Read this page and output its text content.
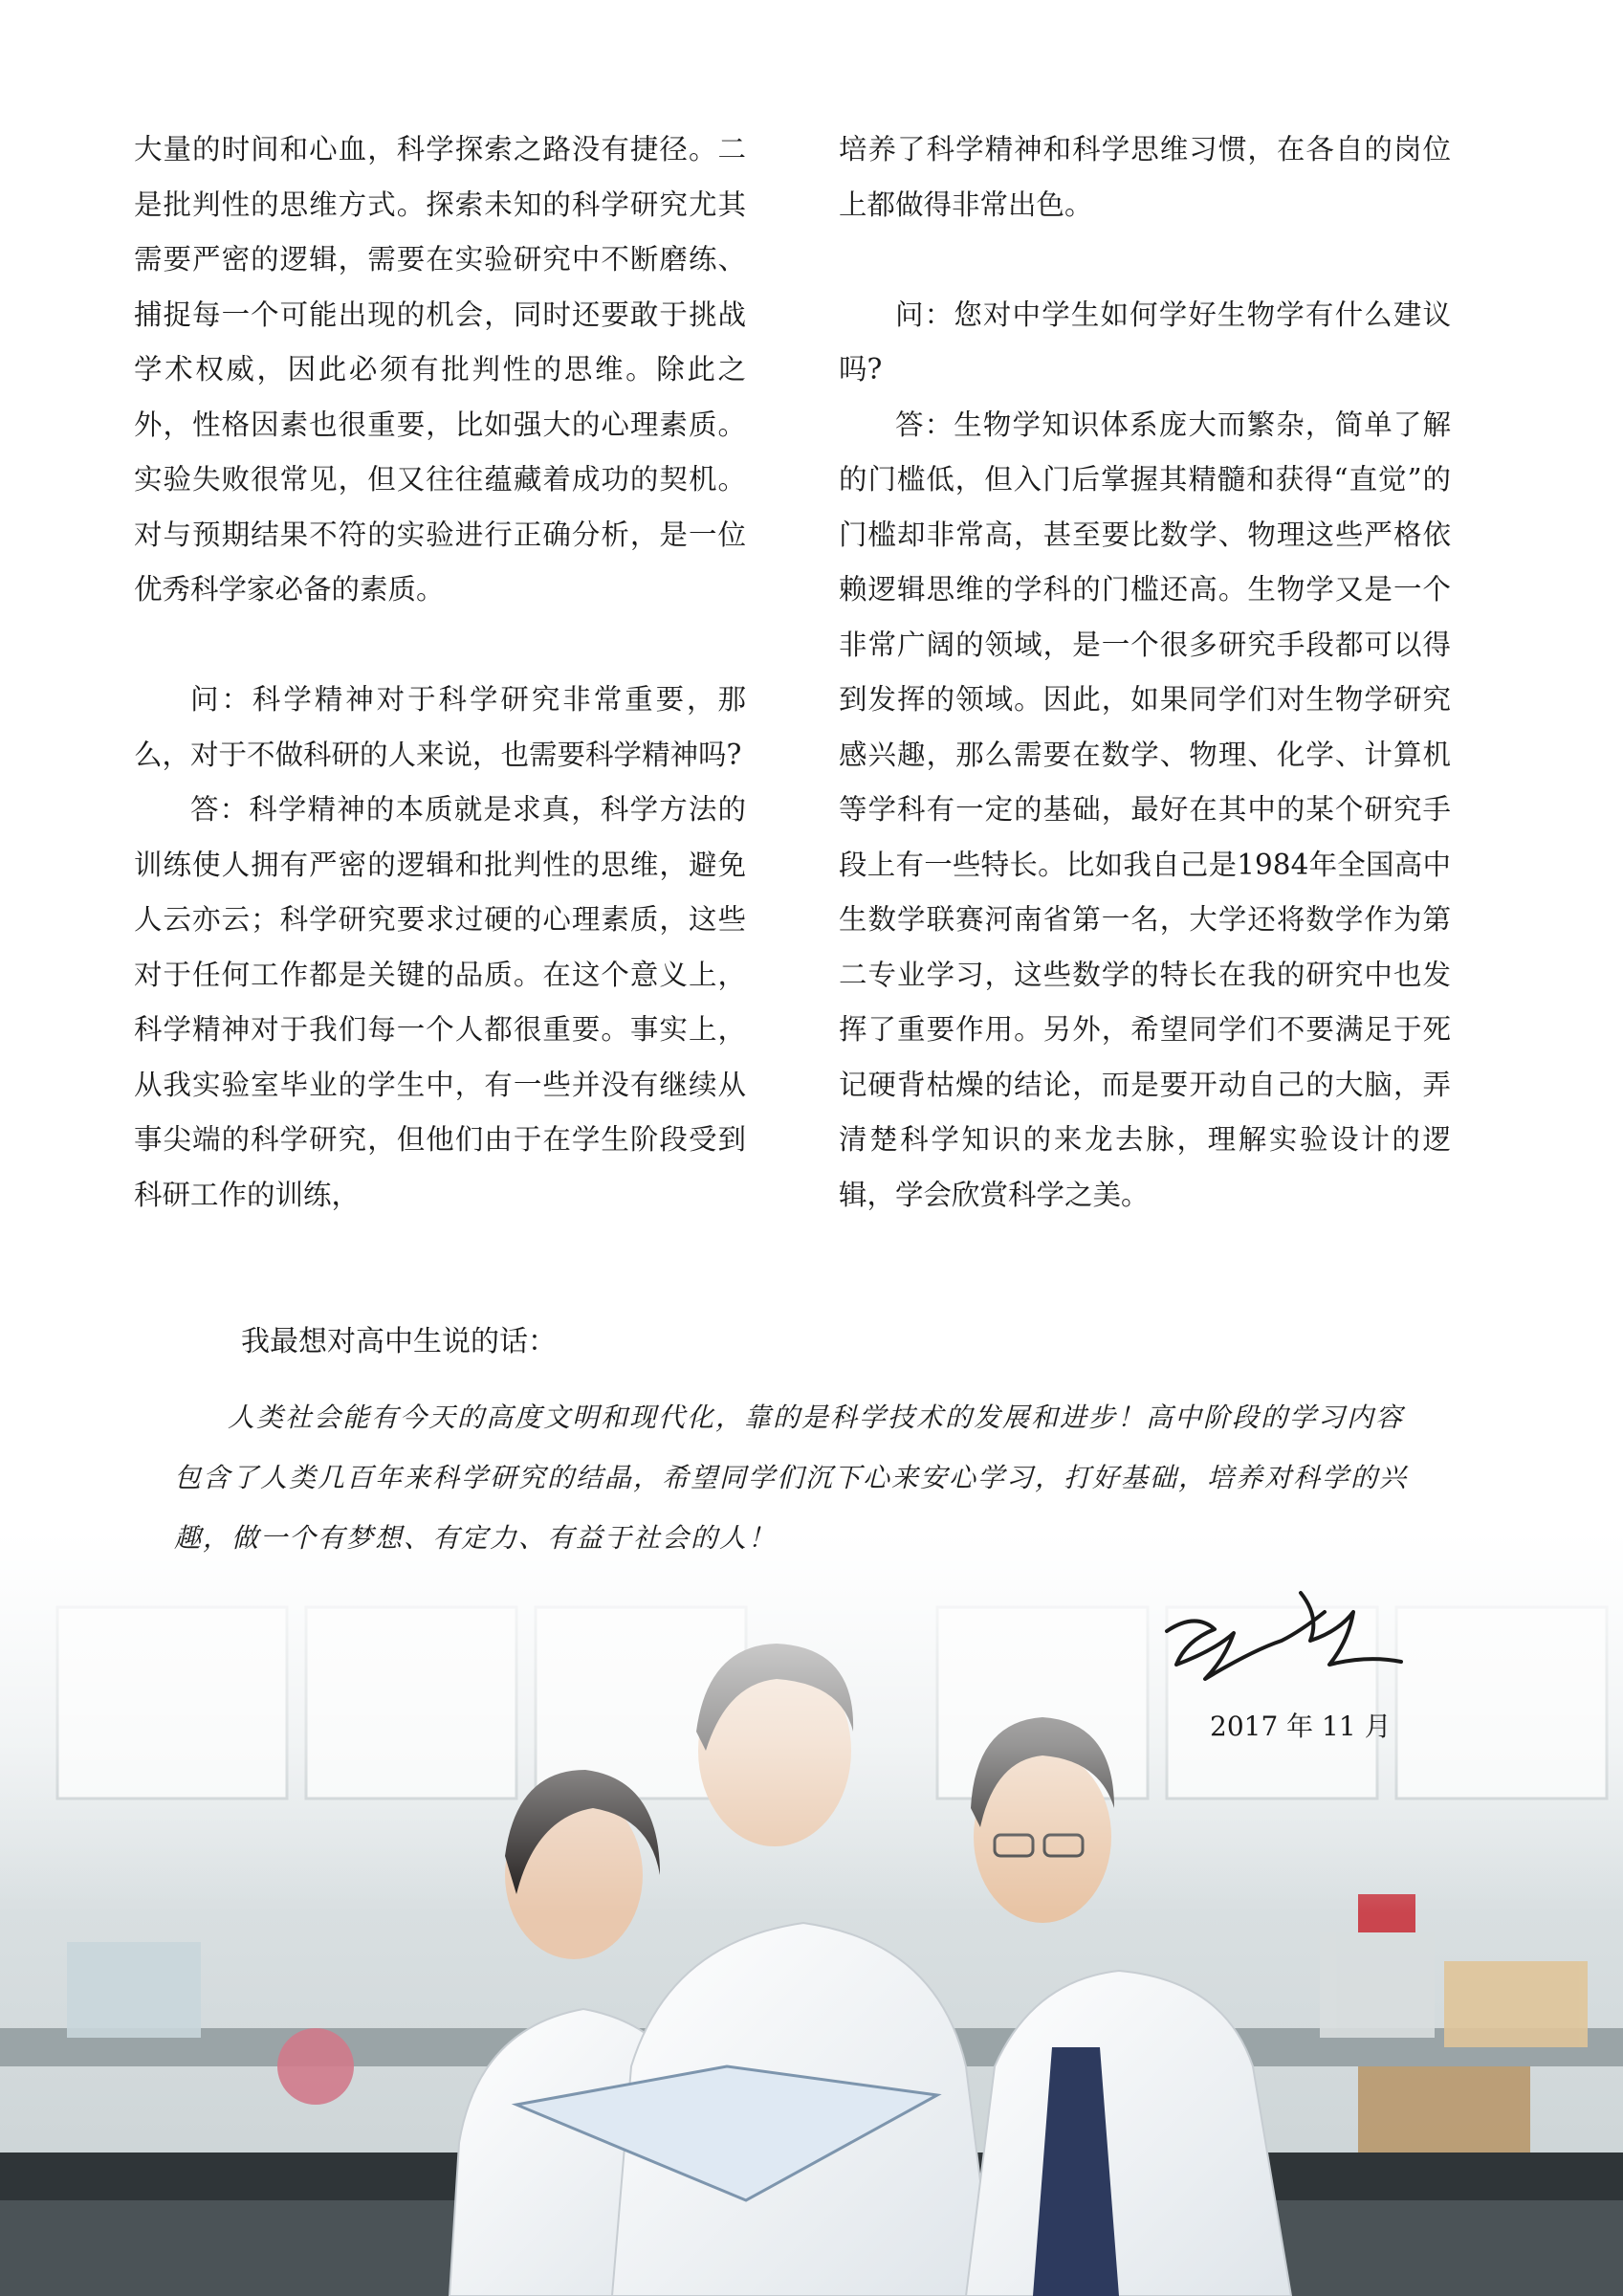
大量的时间和心血，科学探索之路没有捷径。二是批判性的思维方式。探索未知的科学研究尤其需要严密的逻辑，需要在实验研究中不断磨练、捕捉每一个可能出现的机会，同时还要敢于挑战学术权威，因此必须有批判性的思维。除此之外，性格因素也很重要，比如强大的心理素质。实验失败很常见，但又往往蕴藏着成功的契机。对与预期结果不符的实验进行正确分析，是一位优秀科学家必备的素质。

问：科学精神对于科学研究非常重要，那么，对于不做科研的人来说，也需要科学精神吗?

答：科学精神的本质就是求真，科学方法的训练使人拥有严密的逻辑和批判性的思维，避免人云亦云；科学研究要求过硬的心理素质，这些对于任何工作都是关键的品质。在这个意义上，科学精神对于我们每一个人都很重要。事实上，从我实验室毕业的学生中，有一些并没有继续从事尖端的科学研究，但他们由于在学生阶段受到科研工作的训练，

培养了科学精神和科学思维习惯，在各自的岗位上都做得非常出色。

问：您对中学生如何学好生物学有什么建议吗?

答：生物学知识体系庞大而繁杂，简单了解的门槛低，但入门后掌握其精髓和获得“直觉”的门槛却非常高，甚至要比数学、物理这些严格依赖逻辑思维的学科的门槛还高。生物学又是一个非常广阔的领域，是一个很多研究手段都可以得到发挥的领域。因此，如果同学们对生物学研究感兴趣，那么需要在数学、物理、化学、计算机等学科有一定的基础，最好在其中的某个研究手段上有一些特长。比如我自己是1984年全国高中生数学联赛河南省第一名，大学还将数学作为第二专业学习，这些数学的特长在我的研究中也发挥了重要作用。另外，希望同学们不要满足于死记硬背枯燥的结论，而是要开动自己的大脑，弄清楚科学知识的来龙去脉，理解实验设计的逻辑，学会欣赏科学之美。

我最想对高中生说的话：

人类社会能有今天的高度文明和现代化，靠的是科学技术的发展和进步！高中阶段的学习内容包含了人类几百年来科学研究的结晶，希望同学们沉下心来安心学习，打好基础，培养对科学的兴趣，做一个有梦想、有定力、有益于社会的人！

2017 年 11 月
